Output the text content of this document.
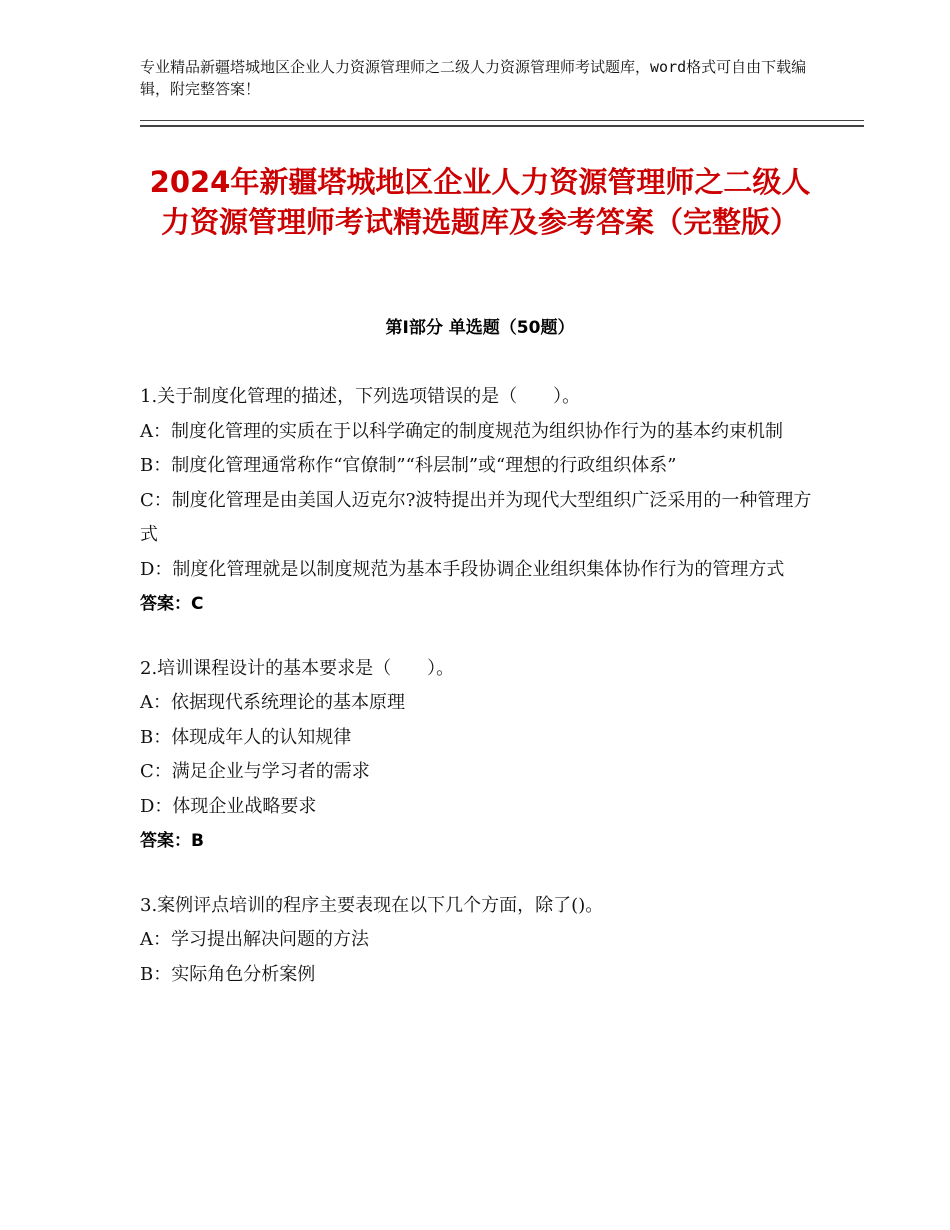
专业精品新疆塔城地区企业人力资源管理师之二级人力资源管理师考试题库，word格式可自由下载编辑，附完整答案！
2024年新疆塔城地区企业人力资源管理师之二级人力资源管理师考试精选题库及参考答案（完整版）
第Ⅰ部分 单选题（50题）
1.关于制度化管理的描述，下列选项错误的是（　　）。
A：制度化管理的实质在于以科学确定的制度规范为组织协作行为的基本约束机制
B：制度化管理通常称作“官僚制”“科层制”或“理想的行政组织体系”
C：制度化管理是由美国人迈克尔?波特提出并为现代大型组织广泛采用的一种管理方式
D：制度化管理就是以制度规范为基本手段协调企业组织集体协作行为的管理方式
答案：C
2.培训课程设计的基本要求是（　　）。
A：依据现代系统理论的基本原理
B：体现成年人的认知规律
C：满足企业与学习者的需求
D：体现企业战略要求
答案：B
3.案例评点培训的程序主要表现在以下几个方面，除了()。
A：学习提出解决问题的方法
B：实际角色分析案例
